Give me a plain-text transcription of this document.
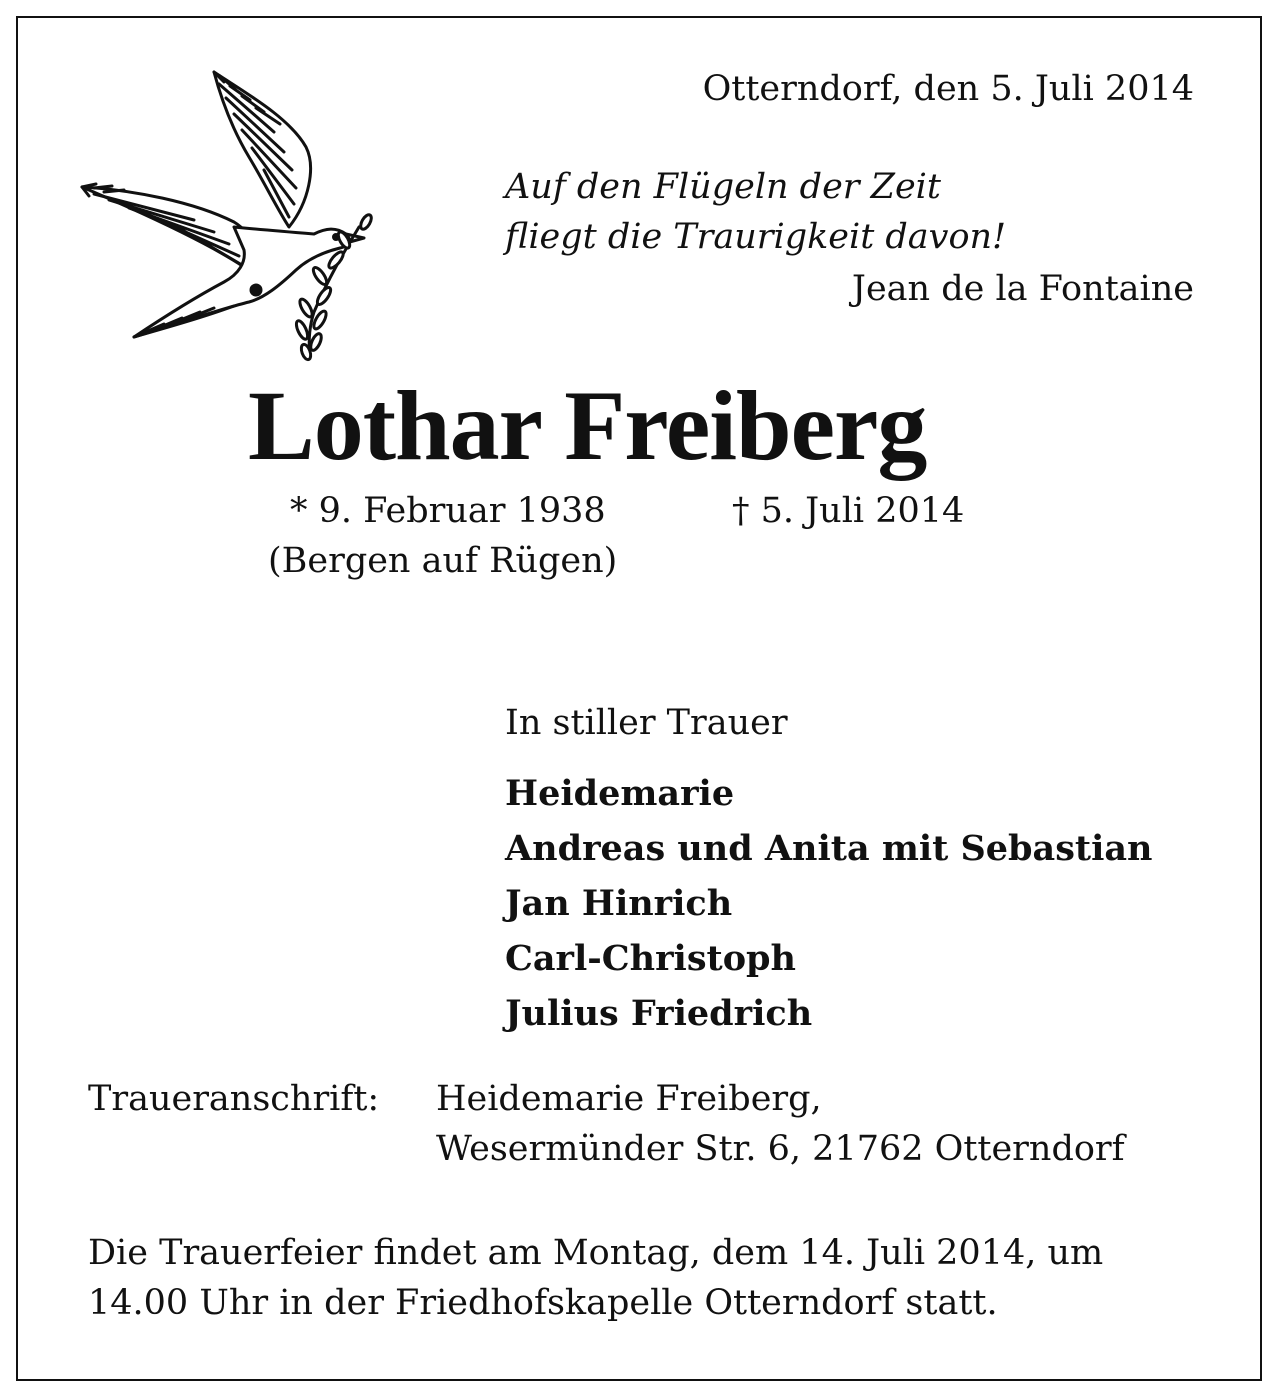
Otterndorf, den 5. Juli 2014
Auf den Flügeln der Zeit
fliegt die Traurigkeit davon!
Jean de la Fontaine
Lothar Freiberg
* 9. Februar 1938	† 5. Juli 2014
(Bergen auf Rügen)
In stiller Trauer
Heidemarie
Andreas und Anita mit Sebastian
Jan Hinrich
Carl-Christoph
Julius Friedrich
Traueranschrift: Heidemarie Freiberg,
Wesermünder Str. 6, 21762 Otterndorf
Die Trauerfeier findet am Montag, dem 14. Juli 2014, um
14.00 Uhr in der Friedhofskapelle Otterndorf statt.
